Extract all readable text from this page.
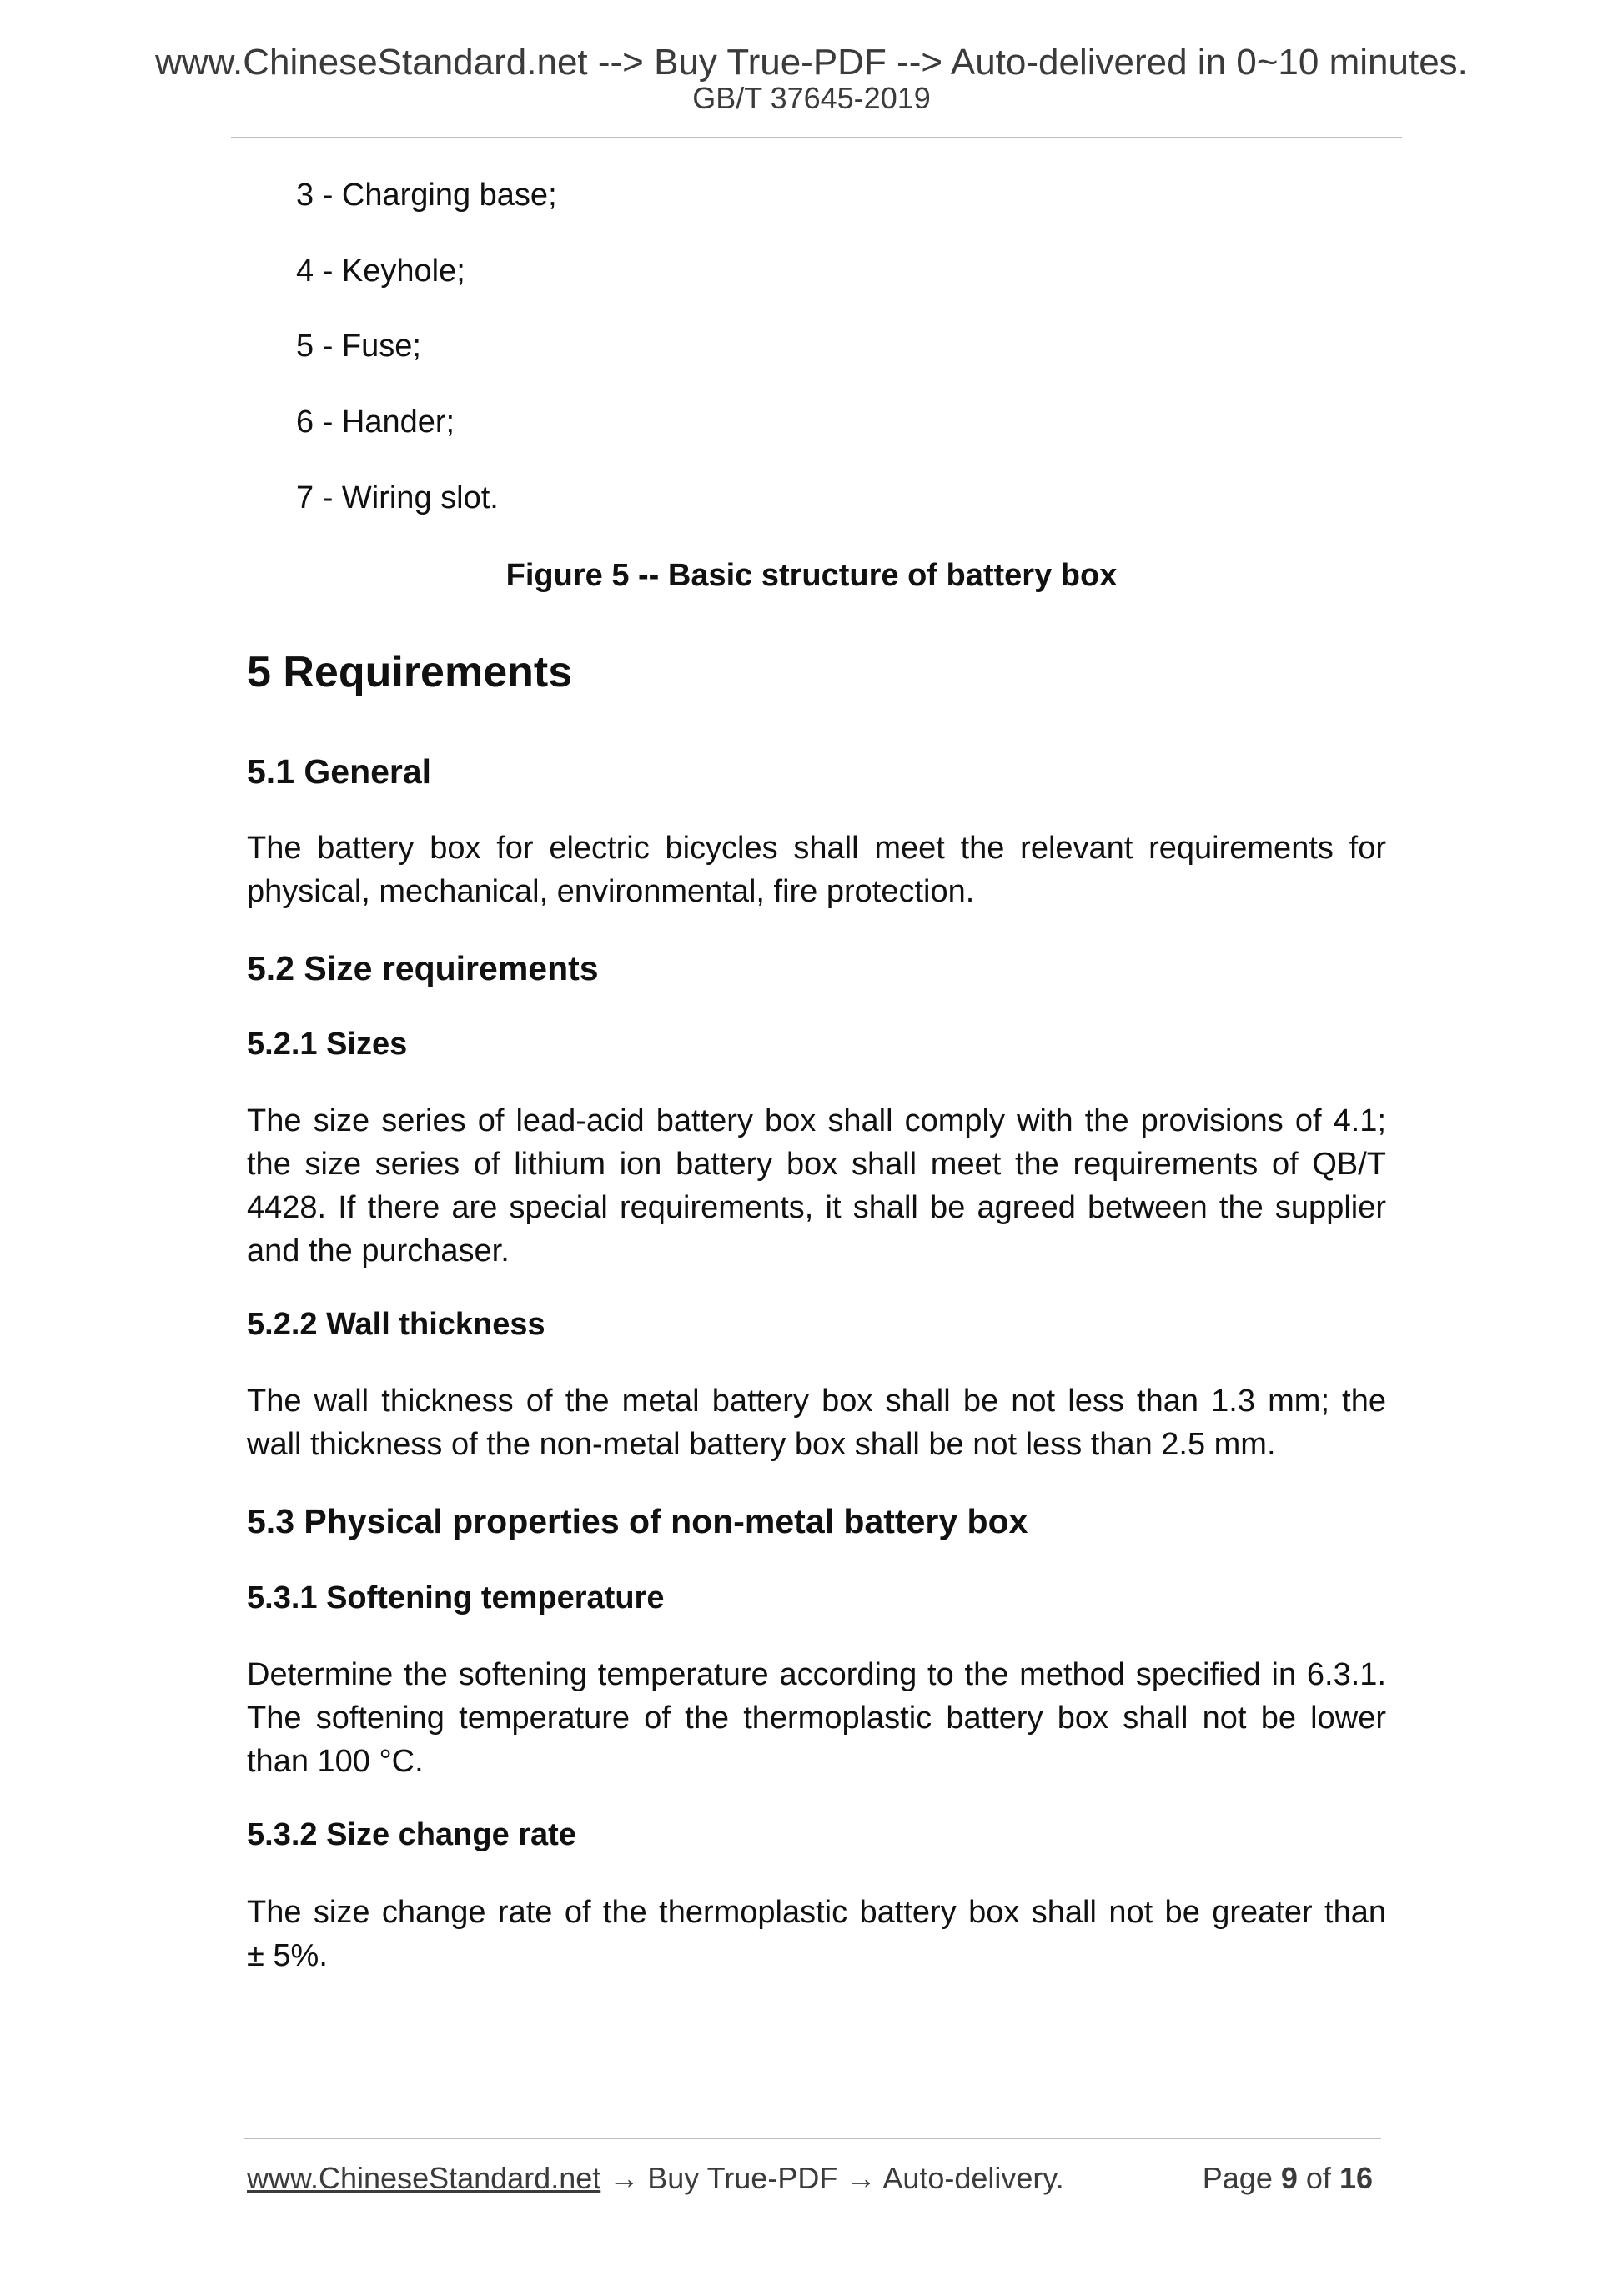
www.ChineseStandard.net --> Buy True-PDF --> Auto-delivered in 0~10 minutes.
GB/T 37645-2019
3 - Charging base;
4 - Keyhole;
5 - Fuse;
6 - Hander;
7 - Wiring slot.
Figure 5 -- Basic structure of battery box
5 Requirements
5.1 General
The battery box for electric bicycles shall meet the relevant requirements for
physical, mechanical, environmental, fire protection.
5.2 Size requirements
5.2.1 Sizes
The size series of lead-acid battery box shall comply with the provisions of 4.1;
the size series of lithium ion battery box shall meet the requirements of QB/T
4428. If there are special requirements, it shall be agreed between the supplier
and the purchaser.
5.2.2 Wall thickness
The wall thickness of the metal battery box shall be not less than 1.3 mm; the
wall thickness of the non-metal battery box shall be not less than 2.5 mm.
5.3 Physical properties of non-metal battery box
5.3.1 Softening temperature
Determine the softening temperature according to the method specified in 6.3.1.
The softening temperature of the thermoplastic battery box shall not be lower
than 100 °C.
5.3.2 Size change rate
The size change rate of the thermoplastic battery box shall not be greater than
± 5%.
www.ChineseStandard.net → Buy True-PDF → Auto-delivery.	Page 9 of 16
